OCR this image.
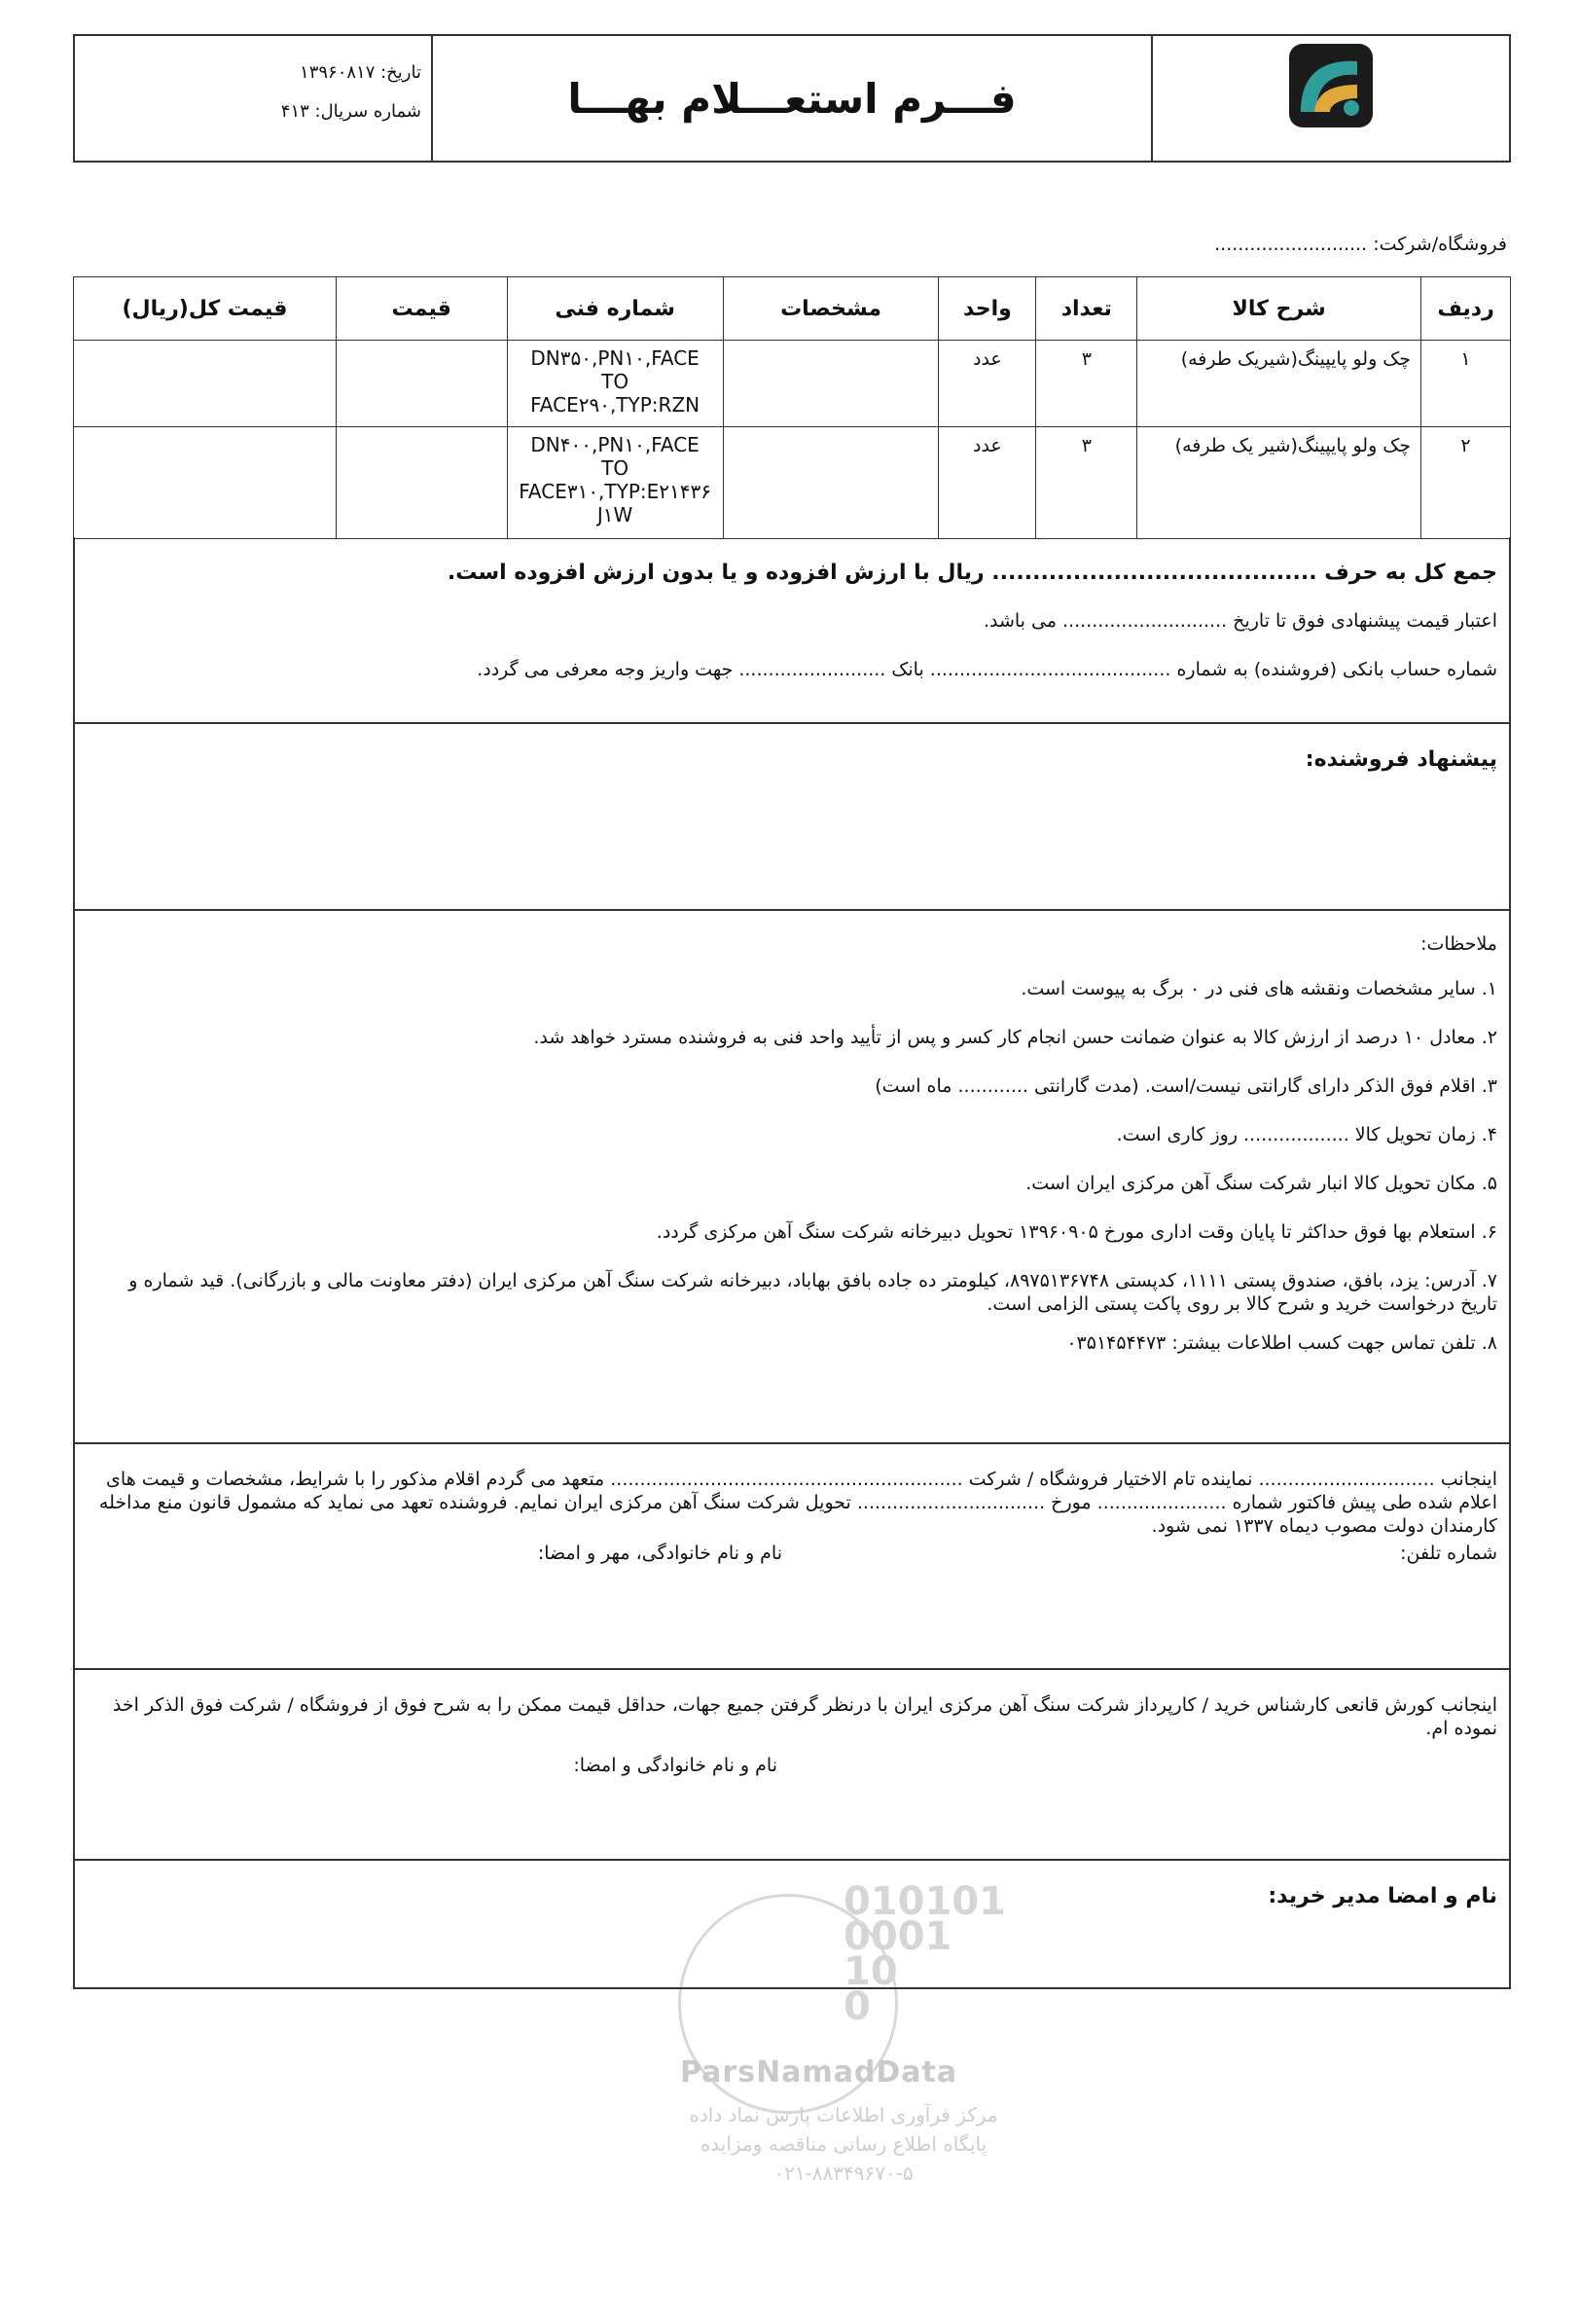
فـــرم استعـــلام بهـــا
تاریخ: ۱۳۹۶۰۸۱۷
شماره سریال: ۴۱۳
فروشگاه/شرکت: ..........................
ردیف	شرح کالا	تعداد	واحد	مشخصات	شماره فنی	قیمت	قیمت کل(ریال)
۱	چک ولو پایپینگ(شیریک طرفه)	۳	عدد		DN۳۵۰,PN۱۰,FACE
TO
FACE۲۹۰,TYP:RZN		

۲	چک ولو پایپینگ(شیر یک طرفه)	۳	عدد		DN۴۰۰,PN۱۰,FACE
TO
FACE۳۱۰,TYP:E۲۱۴۳۶
J۱W		

جمع کل به حرف ........................................ ریال با ارزش افزوده و یا بدون ارزش افزوده است.

اعتبار قیمت پیشنهادی فوق تا تاریخ ............................ می باشد.

شماره حساب بانکی (فروشنده) به شماره ......................................... بانک ......................... جهت واریز وجه معرفی می گردد.

پیشنهاد فروشنده:

010101
0001
10
0
ParsNamadData
مرکز فرآوری اطلاعات پارس نماد داده
پایگاه اطلاع رسانی مناقصه ومزایده
۰۲۱-۸۸۳۴۹۶۷۰-۵

ملاحظات:

۱. سایر مشخصات ونقشه های فنی در ۰ برگ به پیوست است.

۲. معادل ۱۰ درصد از ارزش کالا به عنوان ضمانت حسن انجام کار کسر و پس از تأیید واحد فنی به فروشنده مسترد خواهد شد.

۳. اقلام فوق الذکر دارای گارانتی نیست/است. (مدت گارانتی ............ ماه است)

۴. زمان تحویل کالا .................. روز کاری است.

۵. مکان تحویل کالا انبار شرکت سنگ آهن مرکزی ایران است.

۶. استعلام بها فوق حداکثر تا پایان وقت اداری مورخ ۱۳۹۶۰۹۰۵ تحویل دبیرخانه شرکت سنگ آهن مرکزی گردد.

۷. آدرس: یزد، بافق، صندوق پستی ۱۱۱۱، کدپستی ۸۹۷۵۱۳۶۷۴۸، کیلومتر ده جاده بافق بهاباد، دبیرخانه شرکت سنگ آهن مرکزی ایران (دفتر معاونت مالی و بازرگانی). قید شماره و تاریخ درخواست خرید و شرح کالا بر روی پاکت پستی الزامی است.

۸. تلفن تماس جهت کسب اطلاعات بیشتر: ۰۳۵۱۴۵۴۴۷۳

اینجانب .............................. نماینده تام الاختیار فروشگاه / شرکت ............................................................ متعهد می گردم اقلام مذکور را با شرایط، مشخصات و قیمت های اعلام شده طی پیش فاکتور شماره ...................... مورخ ................................ تحویل شرکت سنگ آهن مرکزی ایران نمایم. فروشنده تعهد می نماید که مشمول قانون منع مداخله کارمندان دولت مصوب دیماه ۱۳۳۷ نمی شود.

شماره تلفن:

نام و نام خانوادگی، مهر و امضا:

اینجانب کورش قانعی کارشناس خرید / کارپرداز شرکت سنگ آهن مرکزی ایران با درنظر گرفتن جمیع جهات، حداقل قیمت ممکن را به شرح فوق از فروشگاه / شرکت فوق الذکر اخذ نموده ام.

نام و نام خانوادگی و امضا:

نام و امضا مدیر خرید:
